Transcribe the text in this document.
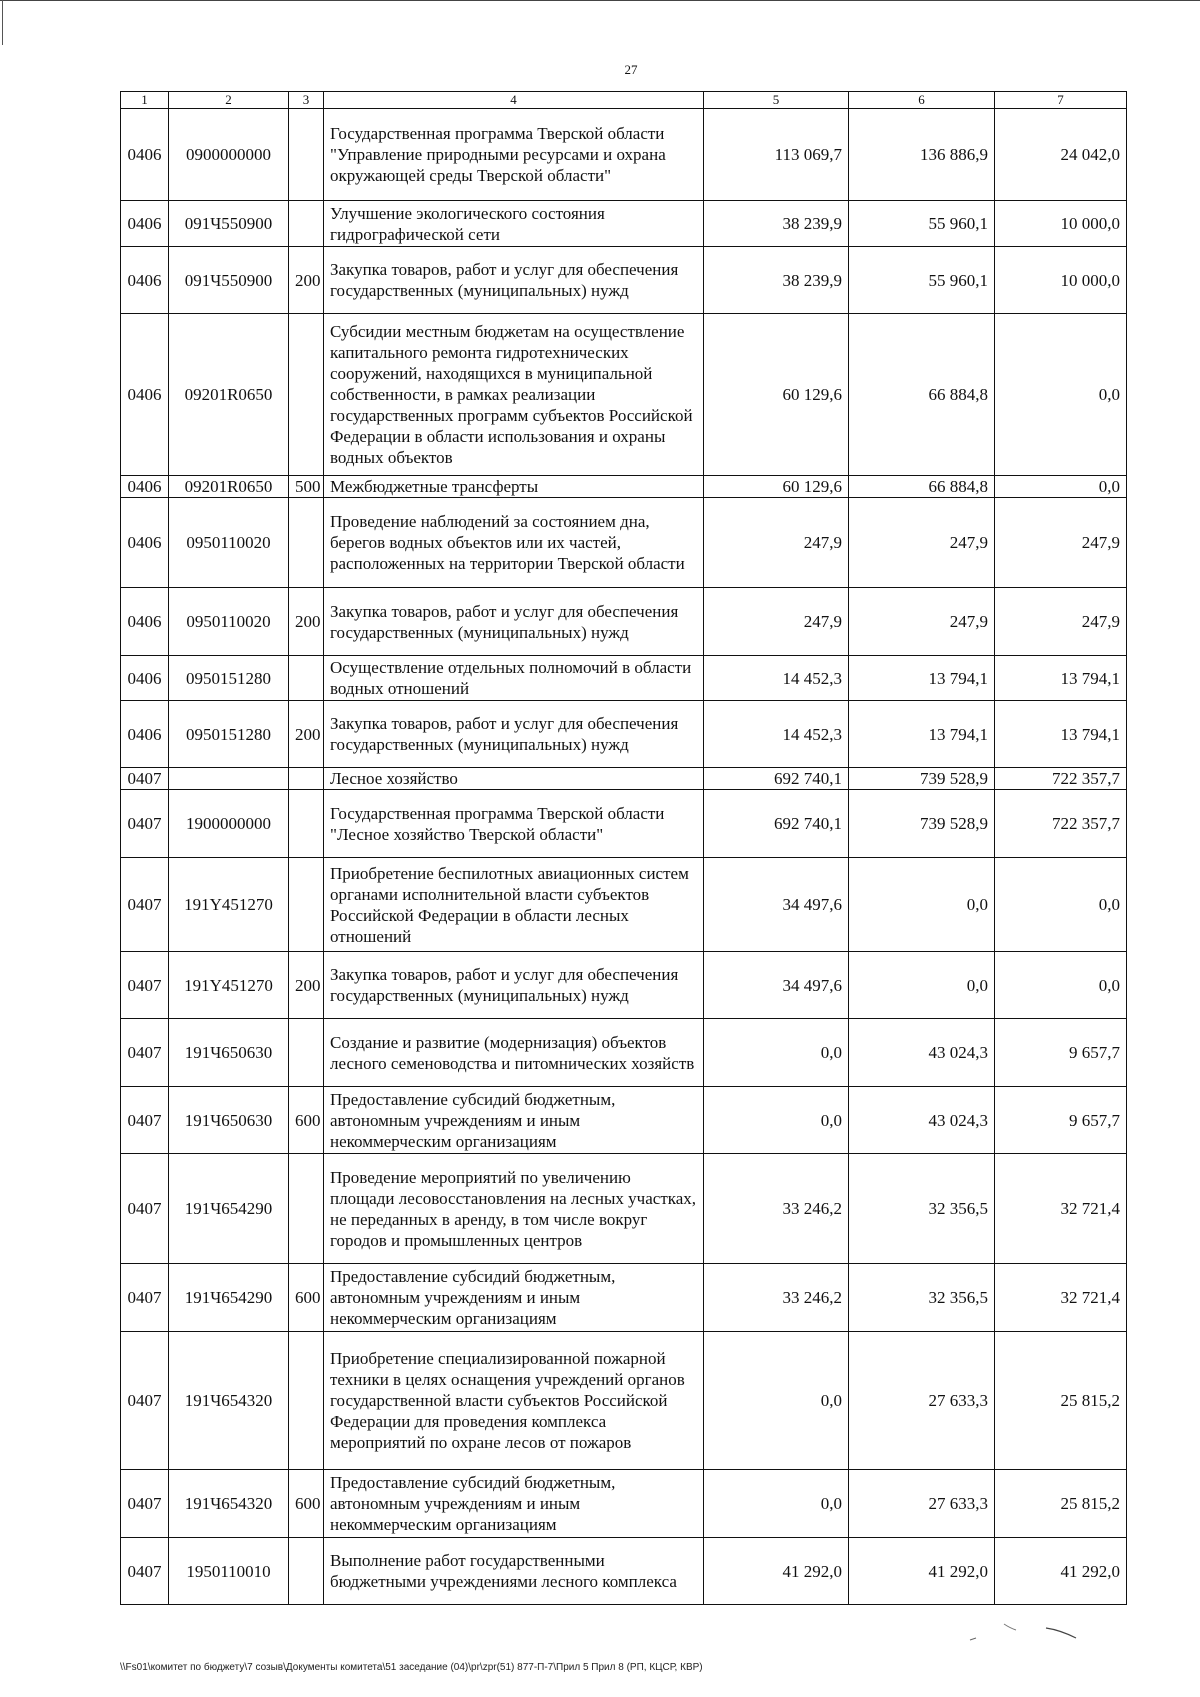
27
1	2	3	4	5	6	7
0406	0900000000		Государственная программа Тверской области "Управление природными ресурсами и охрана окружающей среды Тверской области"	113 069,7	136 886,9	24 042,0
0406	091Ч550900		Улучшение экологического состояния гидрографической сети	38 239,9	55 960,1	10 000,0
0406	091Ч550900	200	Закупка товаров, работ и услуг для обеспечения государственных (муниципальных) нужд	38 239,9	55 960,1	10 000,0
0406	09201R0650		Субсидии местным бюджетам на осуществление капитального ремонта гидротехнических сооружений, находящихся в муниципальной собственности, в рамках реализации государственных программ субъектов Российской Федерации в области использования и охраны водных объектов	60 129,6	66 884,8	0,0
0406	09201R0650	500	Межбюджетные трансферты	60 129,6	66 884,8	0,0
0406	0950110020		Проведение наблюдений за состоянием дна, берегов водных объектов или их частей, расположенных на территории Тверской области	247,9	247,9	247,9
0406	0950110020	200	Закупка товаров, работ и услуг для обеспечения государственных (муниципальных) нужд	247,9	247,9	247,9
0406	0950151280		Осуществление отдельных полномочий в области водных отношений	14 452,3	13 794,1	13 794,1
0406	0950151280	200	Закупка товаров, работ и услуг для обеспечения государственных (муниципальных) нужд	14 452,3	13 794,1	13 794,1
0407			Лесное хозяйство	692 740,1	739 528,9	722 357,7
0407	1900000000		Государственная программа Тверской области "Лесное хозяйство Тверской области"	692 740,1	739 528,9	722 357,7
0407	191Y451270		Приобретение беспилотных авиационных систем органами исполнительной власти субъектов Российской Федерации в области лесных отношений	34 497,6	0,0	0,0
0407	191Y451270	200	Закупка товаров, работ и услуг для обеспечения государственных (муниципальных) нужд	34 497,6	0,0	0,0
0407	191Ч650630		Создание и развитие (модернизация) объектов лесного семеноводства и питомнических хозяйств	0,0	43 024,3	9 657,7
0407	191Ч650630	600	Предоставление субсидий бюджетным, автономным учреждениям и иным некоммерческим организациям	0,0	43 024,3	9 657,7
0407	191Ч654290		Проведение мероприятий по увеличению площади лесовосстановления на лесных участках, не переданных в аренду, в том числе вокруг городов и промышленных центров	33 246,2	32 356,5	32 721,4
0407	191Ч654290	600	Предоставление субсидий бюджетным, автономным учреждениям и иным некоммерческим организациям	33 246,2	32 356,5	32 721,4
0407	191Ч654320		Приобретение специализированной пожарной техники в целях оснащения учреждений органов государственной власти субъектов Российской Федерации для проведения комплекса мероприятий по охране лесов от пожаров	0,0	27 633,3	25 815,2
0407	191Ч654320	600	Предоставление субсидий бюджетным, автономным учреждениям и иным некоммерческим организациям	0,0	27 633,3	25 815,2
0407	1950110010		Выполнение работ государственными бюджетными учреждениями лесного комплекса	41 292,0	41 292,0	41 292,0
\\Fs01\комитет по бюджету\7 созыв\Документы комитета\51 заседание (04)\pr\zpr(51) 877-П-7\Прил 5 Прил 8 (РП, КЦСР, КВР)
